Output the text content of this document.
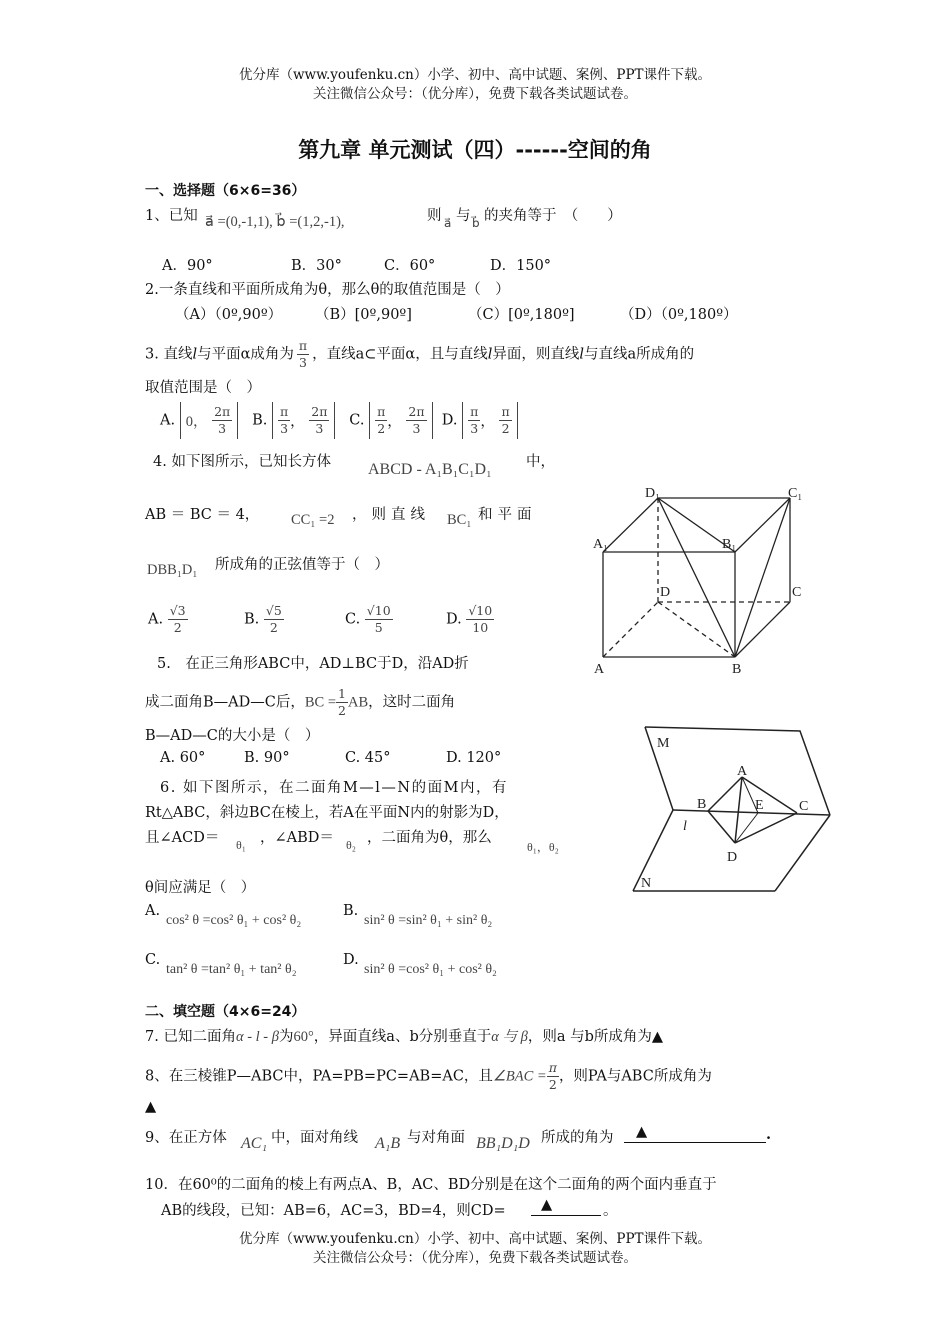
优分库（www.youfenku.cn）小学、初中、高中试题、案例、PPT课件下载。
关注微信公众号：（优分库），免费下载各类试题试卷。
第九章 单元测试（四）------空间的角
一、选择题（6×6=36）
1、已知 a⃗ =(0,-1,1), b⃗ =(1,2,-1),	则 a⃗ 与 b⃗ 的夹角等于　（　　）
A．90°	B．30°	C．60°	D．150°
2.一条直线和平面所成角为θ，那么θ的取值范围是（　）
（A）（0º,90º） （B）[0º,90º]	（C）[0º,180º]	（D）（0º,180º）
3. 直线l与平面α成角为 $\frac{\pi}{3}$ ，直线a⊂平面α，且与直线l异面，则直线l与直线a所成角的
取值范围是（　）
A. 0，
$\frac{2\pi}{3} B$. $\frac{\pi}{3}$ ，
$\frac{2\pi}{3} C$. $\frac{\pi}{2}$ ，
$\frac{2\pi}{3} D$. $\frac{\pi}{3}$ ，
$\frac{\pi}{2}$
4. 如下图所示，已知长方体 ABCD - A₁B₁C₁D₁ 中，
AB ＝ BC ＝ 4， CC₁ =2 ，则直线 BC₁ 和平面
DBB₁D₁ 所成角的正弦值等于（　）
A. $\frac{√3}{2}$	B. $\frac{√5}{2}$	C. $\frac{√10}{5}$	D. $\frac{√10}{10}$
D₁	C₁
A₁	B₁
D	C
A	B
5.　在正三角形ABC中，AD⊥BC于D，沿AD折
成二面角B—AD—C后，BC = $\frac{1}{2}$ AB，这时二面角
B—AD—C的大小是（　）
A. 60°	B. 90°	C. 45°	D. 120°
6. 如下图所示，在二面角M—l—N的面M内，有
Rt△ABC，斜边BC在棱上，若A在平面N内的射影为D，
且∠ACD＝ θ₁ ，∠ABD＝ θ₂ ，二面角为θ，那么
θ₁，θ₂
θ间应满足（　）
A.
cos² θ =cos² θ₁ + cos² θ₂
B.
sin² θ =sin² θ₁ + sin² θ₂
C.
tan² θ =tan² θ₁ + tan² θ₂
D.
sin² θ =cos² θ₁ + cos² θ₂
M
A
B	E	C
l
D
N
二、填空题（4×6=24）
7. 已知二面角α - l - β为60°，异面直线a、b分别垂直于α 与 β，则a 与b所成角为▲
8、在三棱锥P—ABC中，PA=PB=PC=AB=AC，且∠BAC = $\frac{\pi}{2}$ ，则PA与ABC所成角为
▲
9、在正方体 AC₁ 中，面对角线 A₁B 与对角面 BB₁D₁D 所成的角为	▲	.
10．在60⁰的二面角的棱上有两点A、B，AC、BD分别是在这个二面角的两个面内垂直于
AB的线段，已知：AB=6，AC=3，BD=4，则CD=	▲	。
优分库（www.youfenku.cn）小学、初中、高中试题、案例、PPT课件下载。
关注微信公众号：（优分库），免费下载各类试题试卷。
